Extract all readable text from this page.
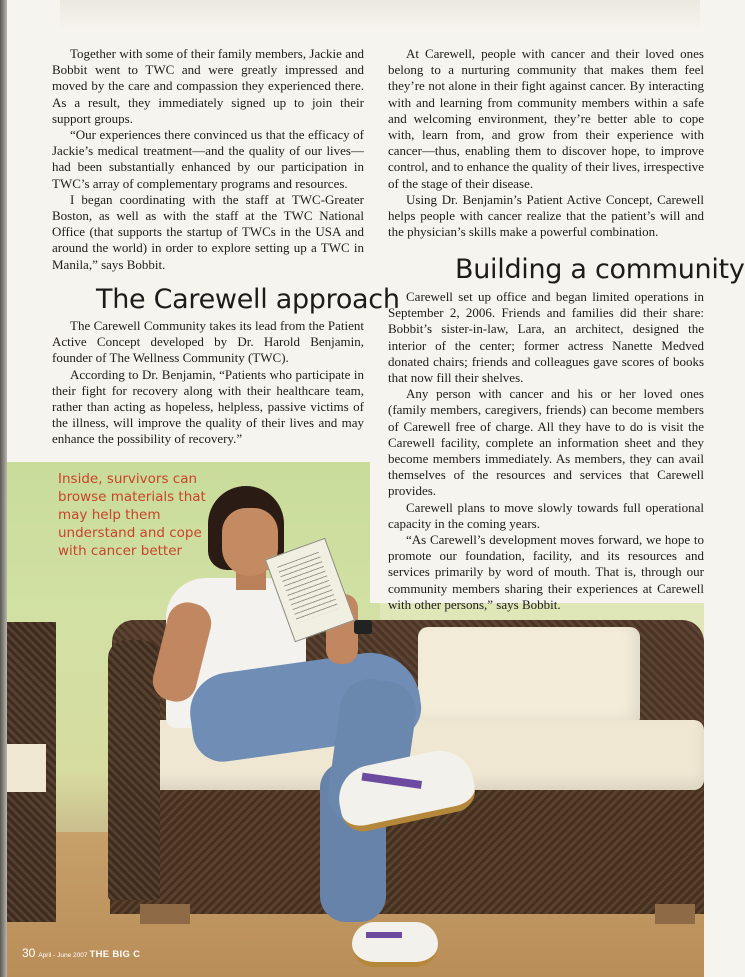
Together with some of their family members, Jackie and Bobbit went to TWC and were greatly impressed and moved by the care and compassion they experienced there. As a result, they immediately signed up to join their support groups.

“Our experiences there convinced us that the efficacy of Jackie’s medical treatment—and the quality of our lives—had been substantially enhanced by our participation in TWC’s array of complementary programs and resources.

I began coordinating with the staff at TWC-Greater Boston, as well as with the staff at the TWC National Office (that supports the startup of TWCs in the USA and around the world) in order to explore setting up a TWC in Manila,” says Bobbit.

The Carewell approach

The Carewell Community takes its lead from the Patient Active Concept developed by Dr. Harold Benjamin, founder of The Wellness Community (TWC).

According to Dr. Benjamin, “Patients who participate in their fight for recovery along with their healthcare team, rather than acting as hopeless, helpless, passive victims of the illness, will improve the quality of their lives and may enhance the possibility of recovery.”

At Carewell, people with cancer and their loved ones belong to a nurturing community that makes them feel they’re not alone in their fight against cancer. By interacting with and learning from community members within a safe and welcoming environment, they’re better able to cope with, learn from, and grow from their experience with cancer—thus, enabling them to discover hope, to improve control, and to enhance the quality of their lives, irrespective of the stage of their disease.

Using Dr. Benjamin’s Patient Active Concept, Carewell helps people with cancer realize that the patient’s will and the physician’s skills make a powerful combination.

Building a community

Carewell set up office and began limited operations in September 2, 2006. Friends and families did their share: Bobbit’s sister-in-law, Lara, an architect, designed the interior of the center; former actress Nanette Medved donated chairs; friends and colleagues gave scores of books that now fill their shelves.

Any person with cancer and his or her loved ones (family members, caregivers, friends) can become members of Carewell free of charge. All they have to do is visit the Carewell facility, complete an information sheet and they become members immediately. As members, they can avail themselves of the resources and services that Carewell provides.

Carewell plans to move slowly towards full operational capacity in the coming years.

“As Carewell’s development moves forward, we hope to promote our foundation, facility, and its resources and services primarily by word of mouth. That is, through our community members sharing their experiences at Carewell with other persons,” says Bobbit.

Inside, survivors can browse materials that may help them understand and cope with cancer better

30 April - June 2007 THE BIG C
